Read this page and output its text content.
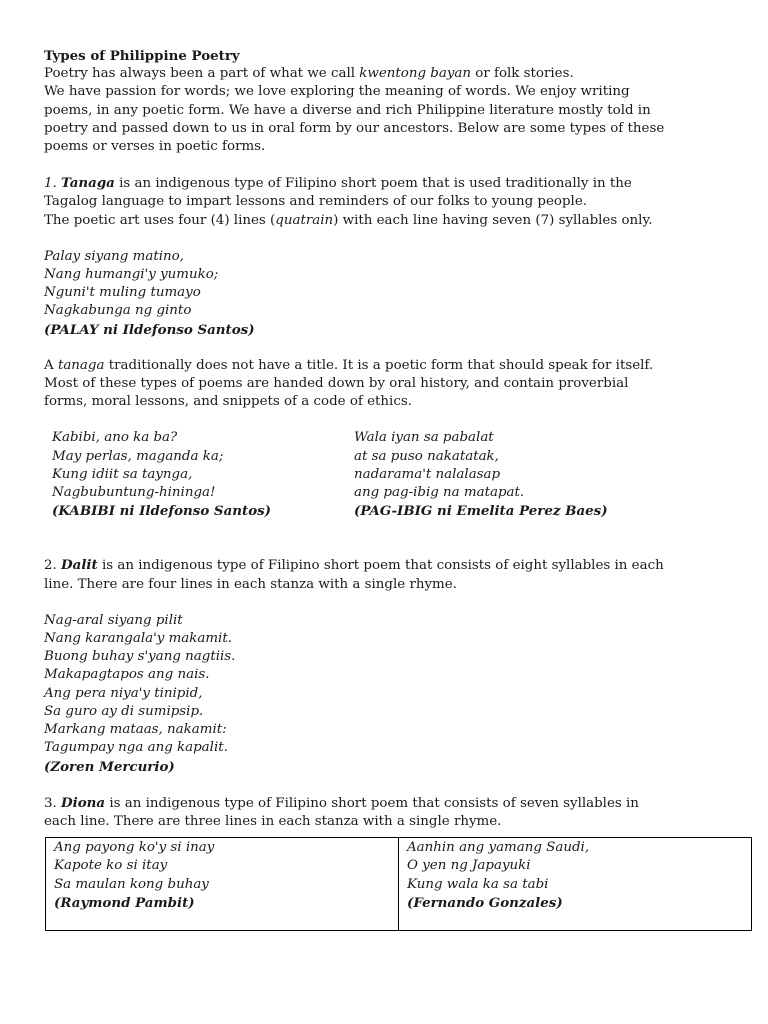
Types of Philippine Poetry

Poetry has always been a part of what we call kwentong bayan or folk stories.

We have passion for words; we love exploring the meaning of words. We enjoy writing

poems, in any poetic form. We have a diverse and rich Philippine literature mostly told in

poetry and passed down to us in oral form by our ancestors. Below are some types of these

poems or verses in poetic forms.

1. Tanaga is an indigenous type of Filipino short poem that is used traditionally in the

Tagalog language to impart lessons and reminders of our folks to young people.

The poetic art uses four (4) lines (quatrain) with each line having seven (7) syllables only.

Palay siyang matino,

Nang humangi'y yumuko;

Nguni't muling tumayo

Nagkabunga ng ginto

(PALAY ni Ildefonso Santos)

A tanaga traditionally does not have a title. It is a poetic form that should speak for itself.

Most of these types of poems are handed down by oral history, and contain proverbial

forms, moral lessons, and snippets of a code of ethics.

Kabibi, ano ka ba?

May perlas, maganda ka;

Kung idiit sa taynga,

Nagbubuntung-hininga!

(KABIBI ni Ildefonso Santos)

Wala iyan sa pabalat

at sa puso nakatatak,

nadarama't nalalasap

ang pag-ibig na matapat.

(PAG-IBIG ni Emelita Perez Baes)

2. Dalit is an indigenous type of Filipino short poem that consists of eight syllables in each

line. There are four lines in each stanza with a single rhyme.

Nag-aral siyang pilit

Nang karangala'y makamit.

Buong buhay s'yang nagtiis.

Makapagtapos ang nais.

Ang pera niya'y tinipid,

Sa guro ay di sumipsip.

Markang mataas, nakamit:

Tagumpay nga ang kapalit.

(Zoren Mercurio)

3. Diona is an indigenous type of Filipino short poem that consists of seven syllables in

each line. There are three lines in each stanza with a single rhyme.

Ang payong ko'y si inay

Kapote ko si itay

Sa maulan kong buhay

(Raymond Pambit)

Aanhin ang yamang Saudi,

O yen ng Japayuki

Kung wala ka sa tabi

(Fernando Gonzales)
